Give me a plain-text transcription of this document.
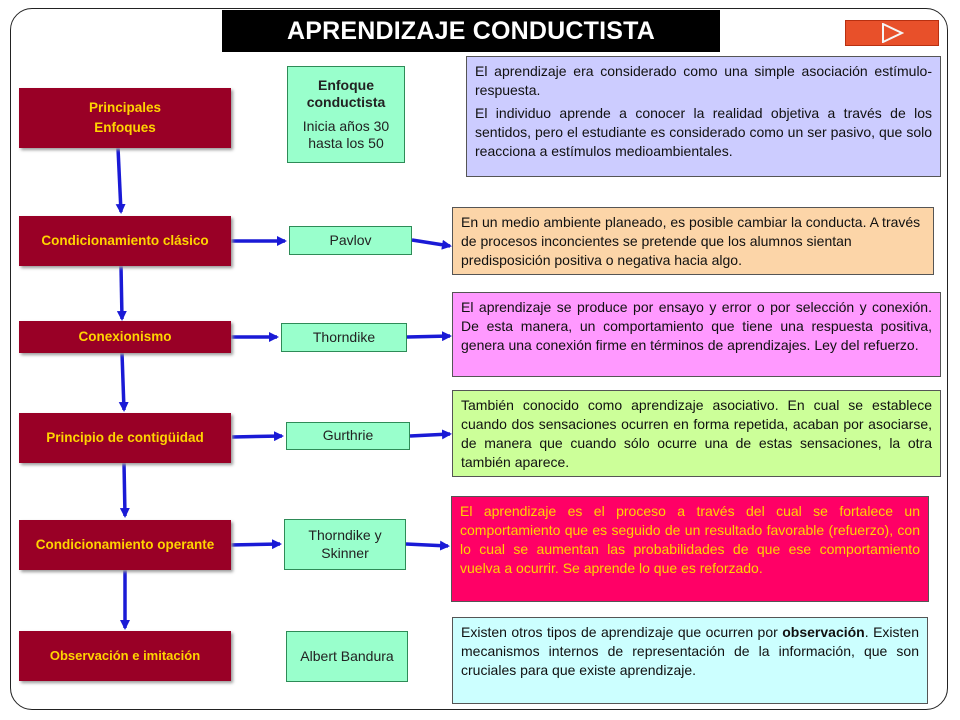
APRENDIZAJE CONDUCTISTA
Principales
Enfoques
Enfoque conductista
Inicia años 30 hasta los 50

El aprendizaje era considerado como una simple asociación estímulo-respuesta.

El individuo aprende a conocer la realidad objetiva a través de los sentidos, pero el estudiante es considerado como un ser pasivo, que solo reacciona a estímulos medioambientales.

Condicionamiento clásico	Pavlov

En un medio ambiente planeado, es posible cambiar la conducta. A través de procesos inconcientes se pretende que los alumnos sientan predisposición positiva o negativa hacia algo.

Conexionismo	Thorndike

El aprendizaje se produce por ensayo y error o por selección y conexión. De esta manera, un comportamiento que tiene una respuesta positiva, genera una conexión firme en términos de aprendizajes. Ley del refuerzo.

Principio de contigüidad	Gurthrie

También conocido como aprendizaje asociativo. En cual se establece cuando dos sensaciones ocurren en forma repetida, acaban por asociarse, de manera que cuando sólo ocurre una de estas sensaciones, la otra también aparece.

Condicionamiento operante
Thorndike y Skinner

El aprendizaje es el proceso a través del cual se fortalece un comportamiento que es seguido de un resultado favorable (refuerzo), con lo cual se aumentan las probabilidades de que ese comportamiento vuelva a ocurrir. Se aprende lo que es reforzado.

Observación e imitación	Albert Bandura

Existen otros tipos de aprendizaje que ocurren por observación. Existen mecanismos internos de representación de la información, que son cruciales para que existe aprendizaje.
